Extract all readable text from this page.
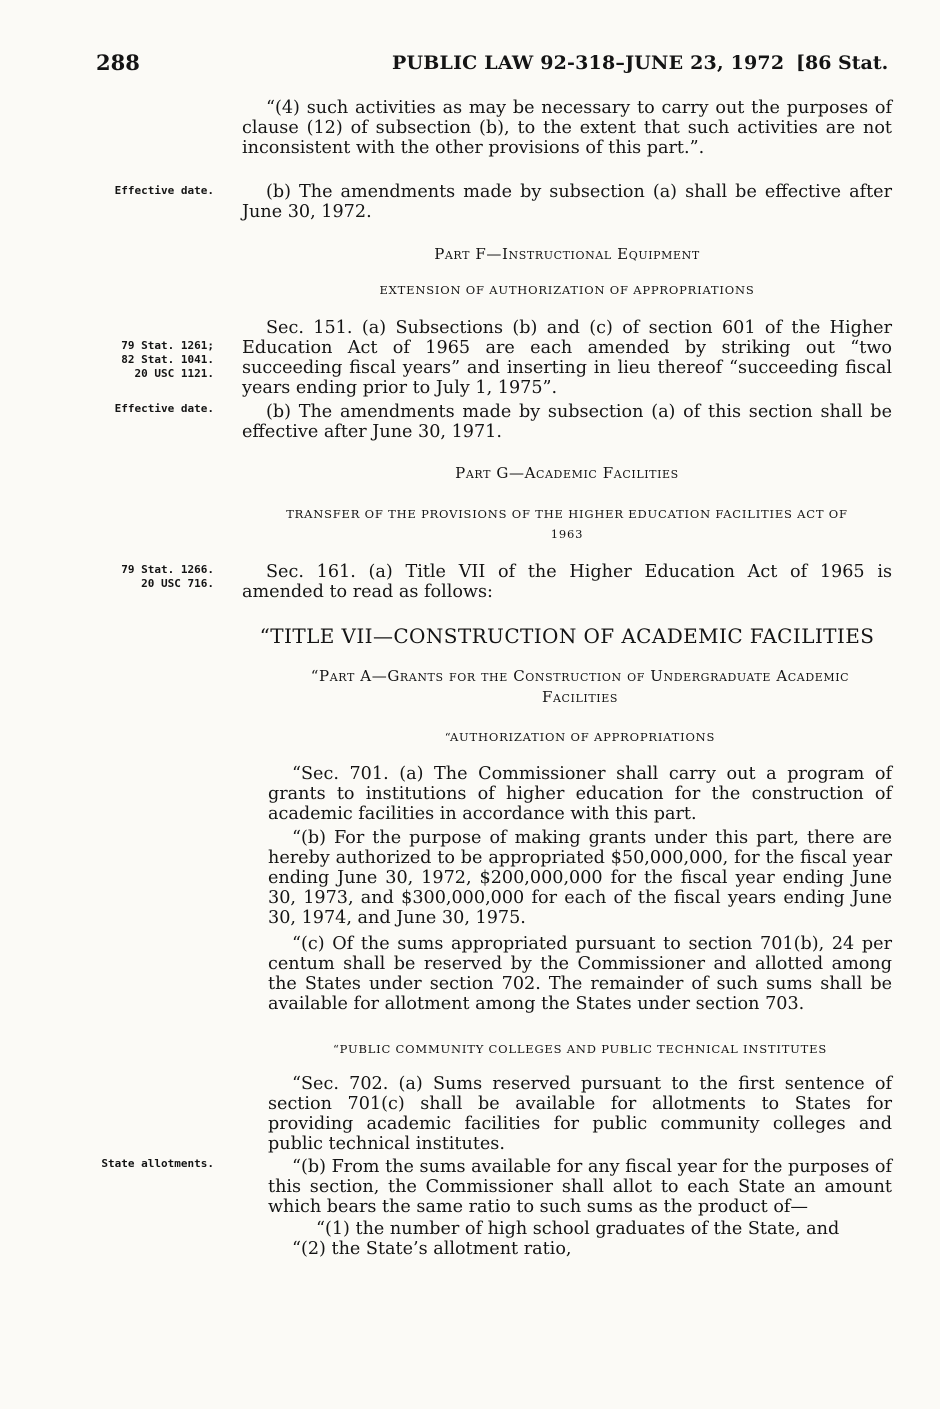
288	PUBLIC LAW 92-318–JUNE 23, 1972 [86 Stat.
Effective date.
79 Stat. 1261;
82 Stat. 1041.
20 USC 1121.
Effective date.
79 Stat. 1266.
20 USC 716.
State allotments.

“(4) such activities as may be necessary to carry out the purposes of clause (12) of subsection (b), to the extent that such activities are not inconsistent with the other provisions of this part.”.

(b) The amendments made by subsection (a) shall be effective after June 30, 1972.

Part F—Instructional Equipment

EXTENSION OF AUTHORIZATION OF APPROPRIATIONS

Sec. 151. (a) Subsections (b) and (c) of section 601 of the Higher Education Act of 1965 are each amended by striking out “two succeeding fiscal years” and inserting in lieu thereof “succeeding fiscal years ending prior to July 1, 1975”.

(b) The amendments made by subsection (a) of this section shall be effective after June 30, 1971.

Part G—Academic Facilities

TRANSFER OF THE PROVISIONS OF THE HIGHER EDUCATION FACILITIES ACT OF 1963

Sec. 161. (a) Title VII of the Higher Education Act of 1965 is amended to read as follows:

“TITLE VII—CONSTRUCTION OF ACADEMIC FACILITIES

“Part A—Grants for the Construction of Undergraduate Academic Facilities

“AUTHORIZATION OF APPROPRIATIONS

“Sec. 701. (a) The Commissioner shall carry out a program of grants to institutions of higher education for the construction of academic facilities in accordance with this part.

“(b) For the purpose of making grants under this part, there are hereby authorized to be appropriated $50,000,000, for the fiscal year ending June 30, 1972, $200,000,000 for the fiscal year ending June 30, 1973, and $300,000,000 for each of the fiscal years ending June 30, 1974, and June 30, 1975.

“(c) Of the sums appropriated pursuant to section 701(b), 24 per centum shall be reserved by the Commissioner and allotted among the States under section 702. The remainder of such sums shall be available for allotment among the States under section 703.

“PUBLIC COMMUNITY COLLEGES AND PUBLIC TECHNICAL INSTITUTES

“Sec. 702. (a) Sums reserved pursuant to the first sentence of section 701(c) shall be available for allotments to States for providing academic facilities for public community colleges and public technical institutes.

“(b) From the sums available for any fiscal year for the purposes of this section, the Commissioner shall allot to each State an amount which bears the same ratio to such sums as the product of—

“(1) the number of high school graduates of the State, and

“(2) the State’s allotment ratio,
